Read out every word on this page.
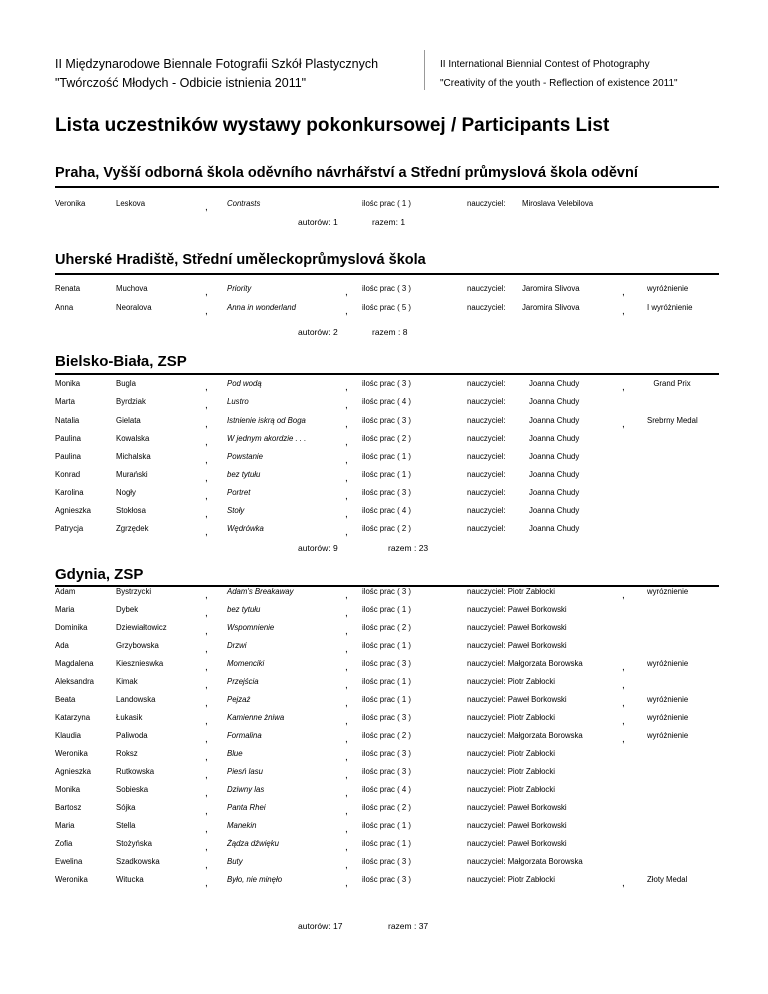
II Międzynarodowe Biennale Fotografii Szkół Plastycznych
"Twórczość Młodych - Odbicie istnienia 2011"
II International Biennial Contest of Photography
"Creativity of the youth - Reflection of existence 2011"
Lista uczestników wystawy pokonkursowej / Participants List
Praha, Vyšší odborná škola oděvního návrhářství a Střední průmyslová škola oděvní
Veronika	Leskova	, Contrasts	ilośc prac ( 1 )	nauczyciel: Miroslava Velebilova
autorów: 1	razem: 1
Uherské Hradiště, Střední uměleckoprůmyslová škola
Renata	Muchova	, Priority	, ilośc prac ( 3 )	nauczyciel: Jaromira Slivova	,	wyróżnienie
Anna	Neoralova	, Anna in wonderland	, ilośc prac ( 5 )	nauczyciel: Jaromira Slivova	,	I wyróżnienie
autorów: 2	razem : 8
Bielsko-Biała, ZSP
Monika	Bugla	, Pod wodą	, ilośc prac ( 3 )	nauczyciel:	Joanna Chudy	,	Grand Prix
Marta	Byrdziak	, Lustro	, ilośc prac ( 4 )	nauczyciel:	Joanna Chudy
Natalia	Gielata	, Istnienie iskrą od Boga	, ilośc prac ( 3 )	nauczyciel:	Joanna Chudy	,	Srebrny Medal
Paulina	Kowalska	, W jednym akordzie . . .	, ilośc prac ( 2 )	nauczyciel:	Joanna Chudy
Paulina	Michalska	, Powstanie	, ilośc prac ( 1 )	nauczyciel:	Joanna Chudy
Konrad	Murański	, bez tytułu	, ilośc prac ( 1 )	nauczyciel:	Joanna Chudy
Karolina	Nogły	, Portret	, ilośc prac ( 3 )	nauczyciel:	Joanna Chudy
Agnieszka	Stokłosa	, Stoły	, ilośc prac ( 4 )	nauczyciel:	Joanna Chudy
Patrycja	Zgrzędek	, Wędrówka	, ilośc prac ( 2 )	nauczyciel:	Joanna Chudy
autorów: 9	razem : 23
Gdynia, ZSP
Adam	Bystrzycki	, Adam's Breakaway	, ilośc prac ( 3 )	nauczyciel: Piotr Zabłocki	,	wyróznienie
Maria	Dybek	, bez tytułu	, ilośc prac ( 1 )	nauczyciel: Paweł Borkowski
Dominika	Dziewiałtowicz	, Wspomnienie	, ilośc prac ( 2 )	nauczyciel: Paweł Borkowski
Ada	Grzybowska	, Drzwi	, ilośc prac ( 1 )	nauczyciel: Paweł Borkowski
Magdalena	Kiesznieswka	, Momenciki	, ilośc prac ( 3 )	nauczyciel: Małgorzata Borowska	,	wyróżnienie
Aleksandra	Kimak	, Przejścia	, ilośc prac ( 1 )	nauczyciel: Piotr Zabłocki	,
Beata	Landowska	, Pejzaż	, ilośc prac ( 1 )	nauczyciel: Paweł Borkowski	,	wyróżnienie
Katarzyna	Łukasik	, Kamienne żniwa	, ilośc prac ( 3 )	nauczyciel: Piotr Zabłocki	,	wyróżnienie
Klaudia	Paliwoda	, Formalina	, ilośc prac ( 2 )	nauczyciel: Małgorzata Borowska	,	wyróżnienie
Weronika	Roksz	, Blue	, ilośc prac ( 3 )	nauczyciel: Piotr Zabłocki
Agnieszka	Rutkowska	, Piesń lasu	, ilośc prac ( 3 )	nauczyciel: Piotr Zabłocki
Monika	Sobieska	, Dziwny las	, ilośc prac ( 4 )	nauczyciel: Piotr Zabłocki
Bartosz	Sójka	, Panta Rhei	, ilośc prac ( 2 )	nauczyciel: Paweł Borkowski
Maria	Stella	, Manekin	, ilośc prac ( 1 )	nauczyciel: Paweł Borkowski
Zofia	Stożyńska	, Żądza dźwięku	, ilośc prac ( 1 )	nauczyciel: Paweł Borkowski
Ewelina	Szadkowska	, Buty	, ilośc prac ( 3 )	nauczyciel: Małgorzata Borowska
Weronika	Witucka	, Było, nie minęło	, ilośc prac ( 3 )	nauczyciel: Piotr Zabłocki	,	Złoty Medal
autorów: 17	razem : 37
